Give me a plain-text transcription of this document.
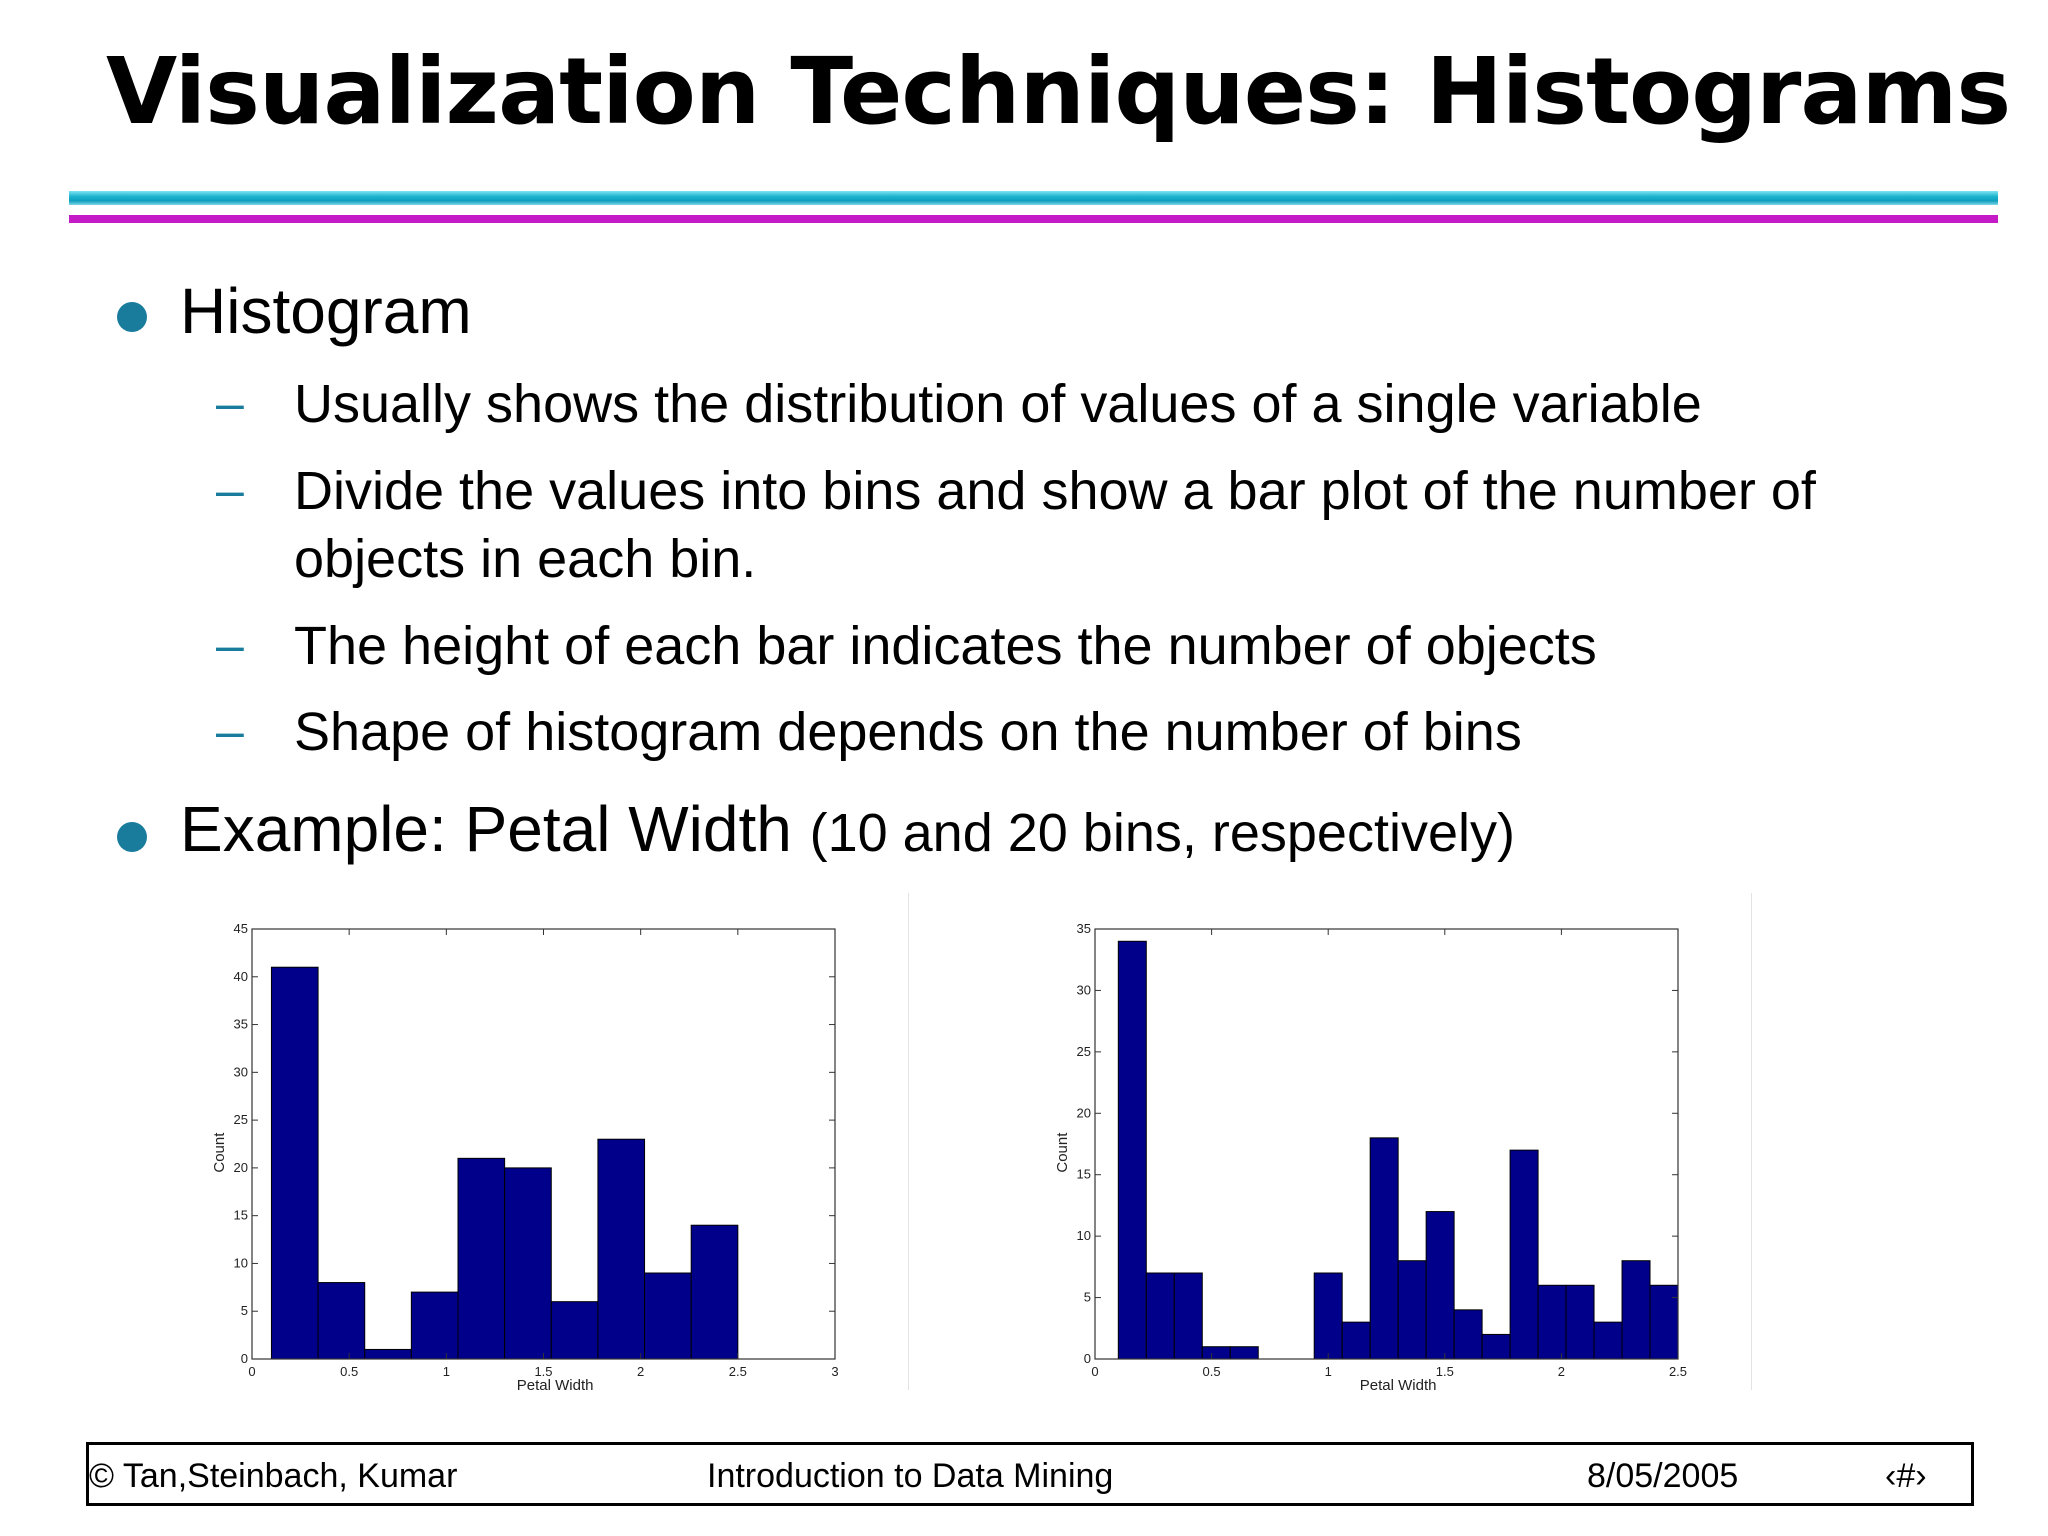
Visualization Techniques: Histograms
Histogram
– Usually shows the distribution of values of a single variable
– Divide the values into bins and show a bar plot of the number of
objects in each bin.
– The height of each bar indicates the number of objects
– Shape of histogram depends on the number of bins
Example: Petal Width (10 and 20 bins, respectively)
0
5
10
15
20
25
30
35
40
45
0	0.5	1	1.5	2	2.5	3
Petal Width
Count
0
5
10
15
20
25
30
35
0	0.5	1	1.5	2	2.5
Petal Width
Count
© Tan,Steinbach, Kumar	Introduction to Data Mining	8/05/2005	‹#›
